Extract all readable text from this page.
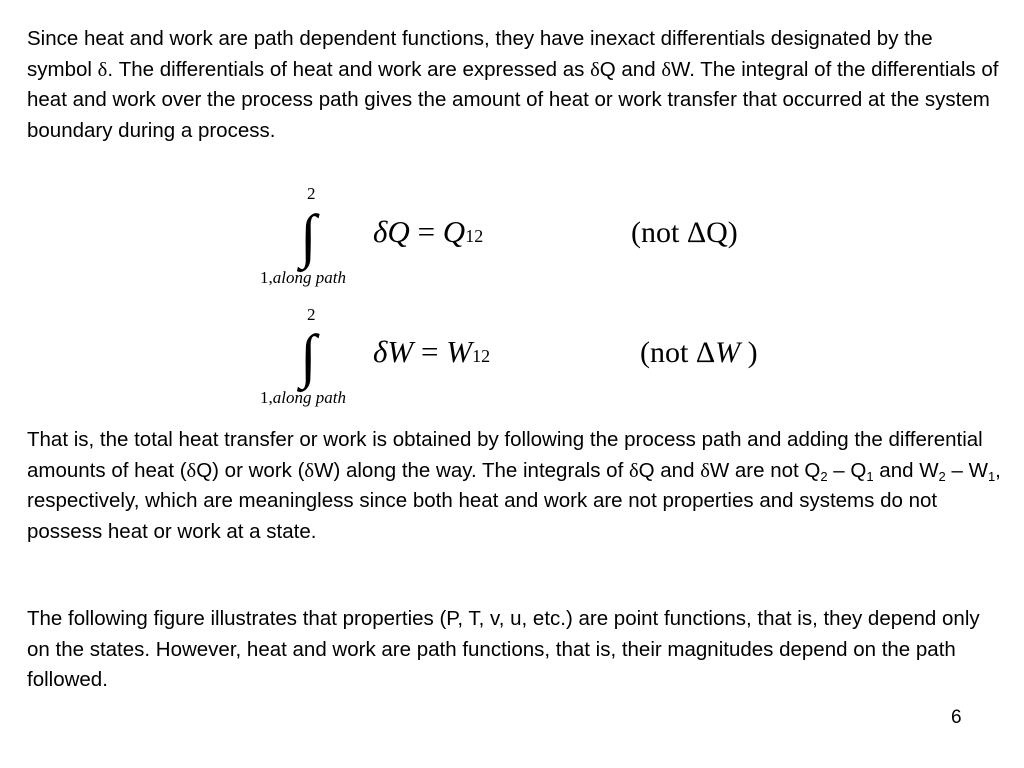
Since heat and work are path dependent functions, they have inexact differentials designated by the symbol δ. The differentials of heat and work are expressed as δQ and δW. The integral of the differentials of heat and work over the process path gives the amount of heat or work transfer that occurred at the system boundary during a process.

2
∫
1,along path
δQ = Q12	(not ΔQ)
2
∫
1,along path
δW = W12	(not ΔW )

That is, the total heat transfer or work is obtained by following the process path and adding the differential amounts of heat (δQ) or work (δW) along the way. The integrals of δQ and δW are not $Q_2 - Q_1$ and $W_2 - W_1$, respectively, which are meaningless since both heat and work are not properties and systems do not possess heat or work at a state.

The following figure illustrates that properties (P, T, v, u, etc.) are point functions, that is, they depend only on the states. However, heat and work are path functions, that is, their magnitudes depend on the path followed.

6
